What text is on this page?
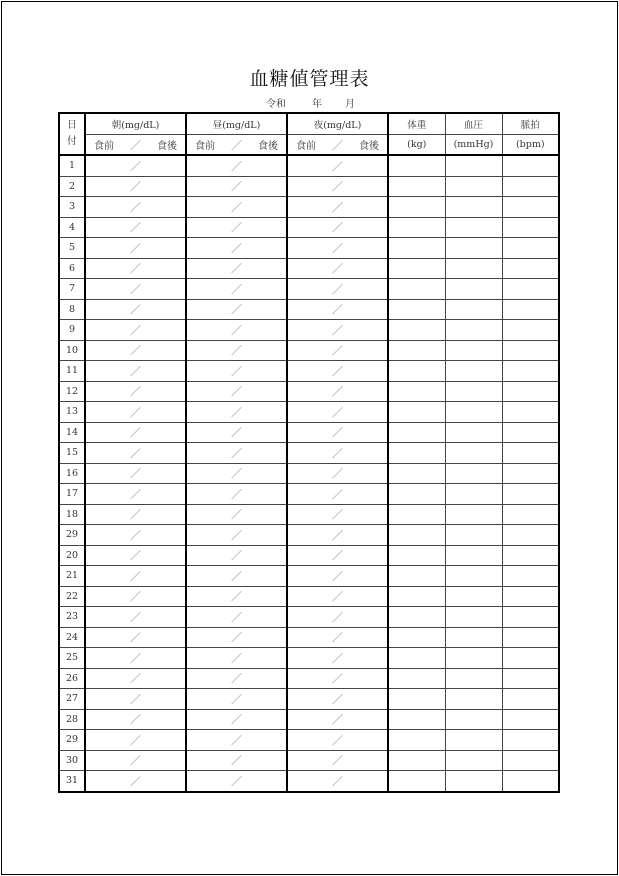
血糖値管理表
令和	年 月
日
付	朝(mg/dL)	昼(mg/dL)	夜(mg/dL)	体重	血圧	脈拍

	食前 ／ 食後	食前 ／ 食後	食前 ／ 食後	(kg)	(mmHg)	(bpm)
1	／	／	／			
2	／	／	／			
3	／	／	／			
4	／	／	／			
5	／	／	／			
6	／	／	／			
7	／	／	／			
8	／	／	／			
9	／	／	／			
10	／	／	／			
11	／	／	／			
12	／	／	／			
13	／	／	／			
14	／	／	／			
15	／	／	／			
16	／	／	／			
17	／	／	／			
18	／	／	／			
29	／	／	／			
20	／	／	／			
21	／	／	／			
22	／	／	／			
23	／	／	／			
24	／	／	／			
25	／	／	／			
26	／	／	／			
27	／	／	／			
28	／	／	／			
29	／	／	／			
30	／	／	／			
31	／	／	／			
